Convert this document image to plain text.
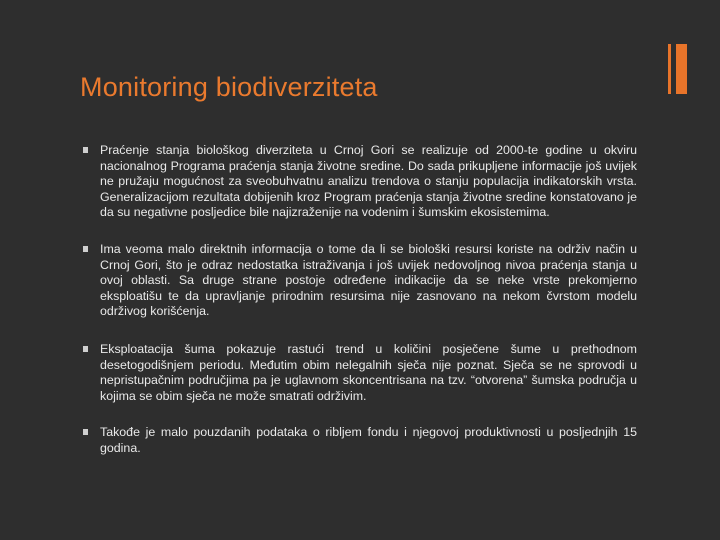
Monitoring biodiverziteta
Praćenje stanja biološkog diverziteta u Crnoj Gori se realizuje od 2000-te godine u okviru nacionalnog Programa praćenja stanja životne sredine. Do sada prikupljene informacije još uvijek ne pružaju mogućnost za sveobuhvatnu analizu trendova o stanju populacija indikatorskih vrsta. Generalizacijom rezultata dobijenih kroz Program praćenja stanja životne sredine konstatovano je da su negativne posljedice bile najizraženije na vodenim i šumskim ekosistemima.
Ima veoma malo direktnih informacija o tome da li se biološki resursi koriste na održiv način u Crnoj Gori, što je odraz nedostatka istraživanja i još uvijek nedovoljnog nivoa praćenja stanja u ovoj oblasti. Sa druge strane postoje određene indikacije da se neke vrste prekomjerno eksploatišu te da upravljanje prirodnim resursima nije zasnovano na nekom čvrstom modelu održivog korišćenja.
Eksploatacija šuma pokazuje rastući trend u količini posječene šume u prethodnom desetogodišnjem periodu. Međutim obim nelegalnih sječa nije poznat. Sječa se ne sprovodi u nepristupačnim područjima pa je uglavnom skoncentrisana na tzv. “otvorena” šumska područja u kojima se obim sječa ne može smatrati održivim.
Takođe je malo pouzdanih podataka o ribljem fondu i njegovoj produktivnosti u posljednjih 15 godina.
